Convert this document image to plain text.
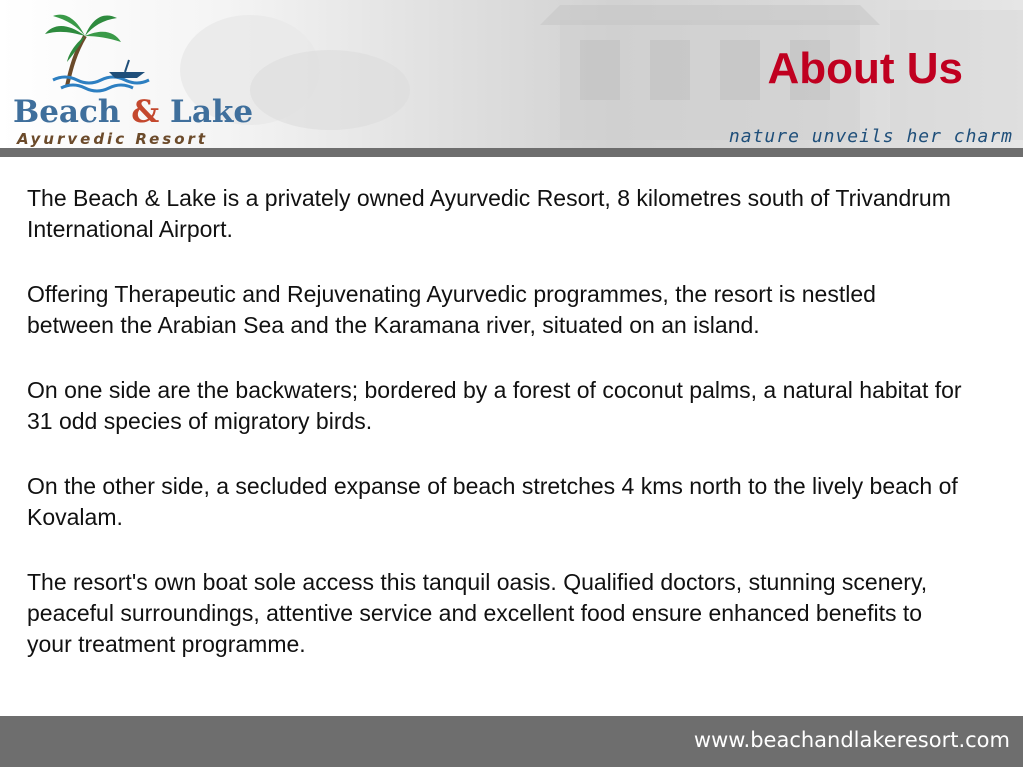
Beach & Lake
Ayurvedic Resort
About Us
nature unveils her charm

The Beach & Lake is a privately owned Ayurvedic Resort, 8 kilometres south of Trivandrum International Airport.

Offering Therapeutic and Rejuvenating Ayurvedic programmes, the resort is nestled between the Arabian Sea and the Karamana river, situated on an island.

On one side are the backwaters; bordered by a forest of coconut palms, a natural habitat for 31 odd species of migratory birds.

On the other side, a secluded expanse of beach stretches 4 kms north to the lively beach of Kovalam.

The resort's own boat sole access this tanquil oasis. Qualified doctors, stunning scenery, peaceful surroundings, attentive service and excellent food ensure enhanced benefits to your treatment programme.

www.beachandlakeresort.com
